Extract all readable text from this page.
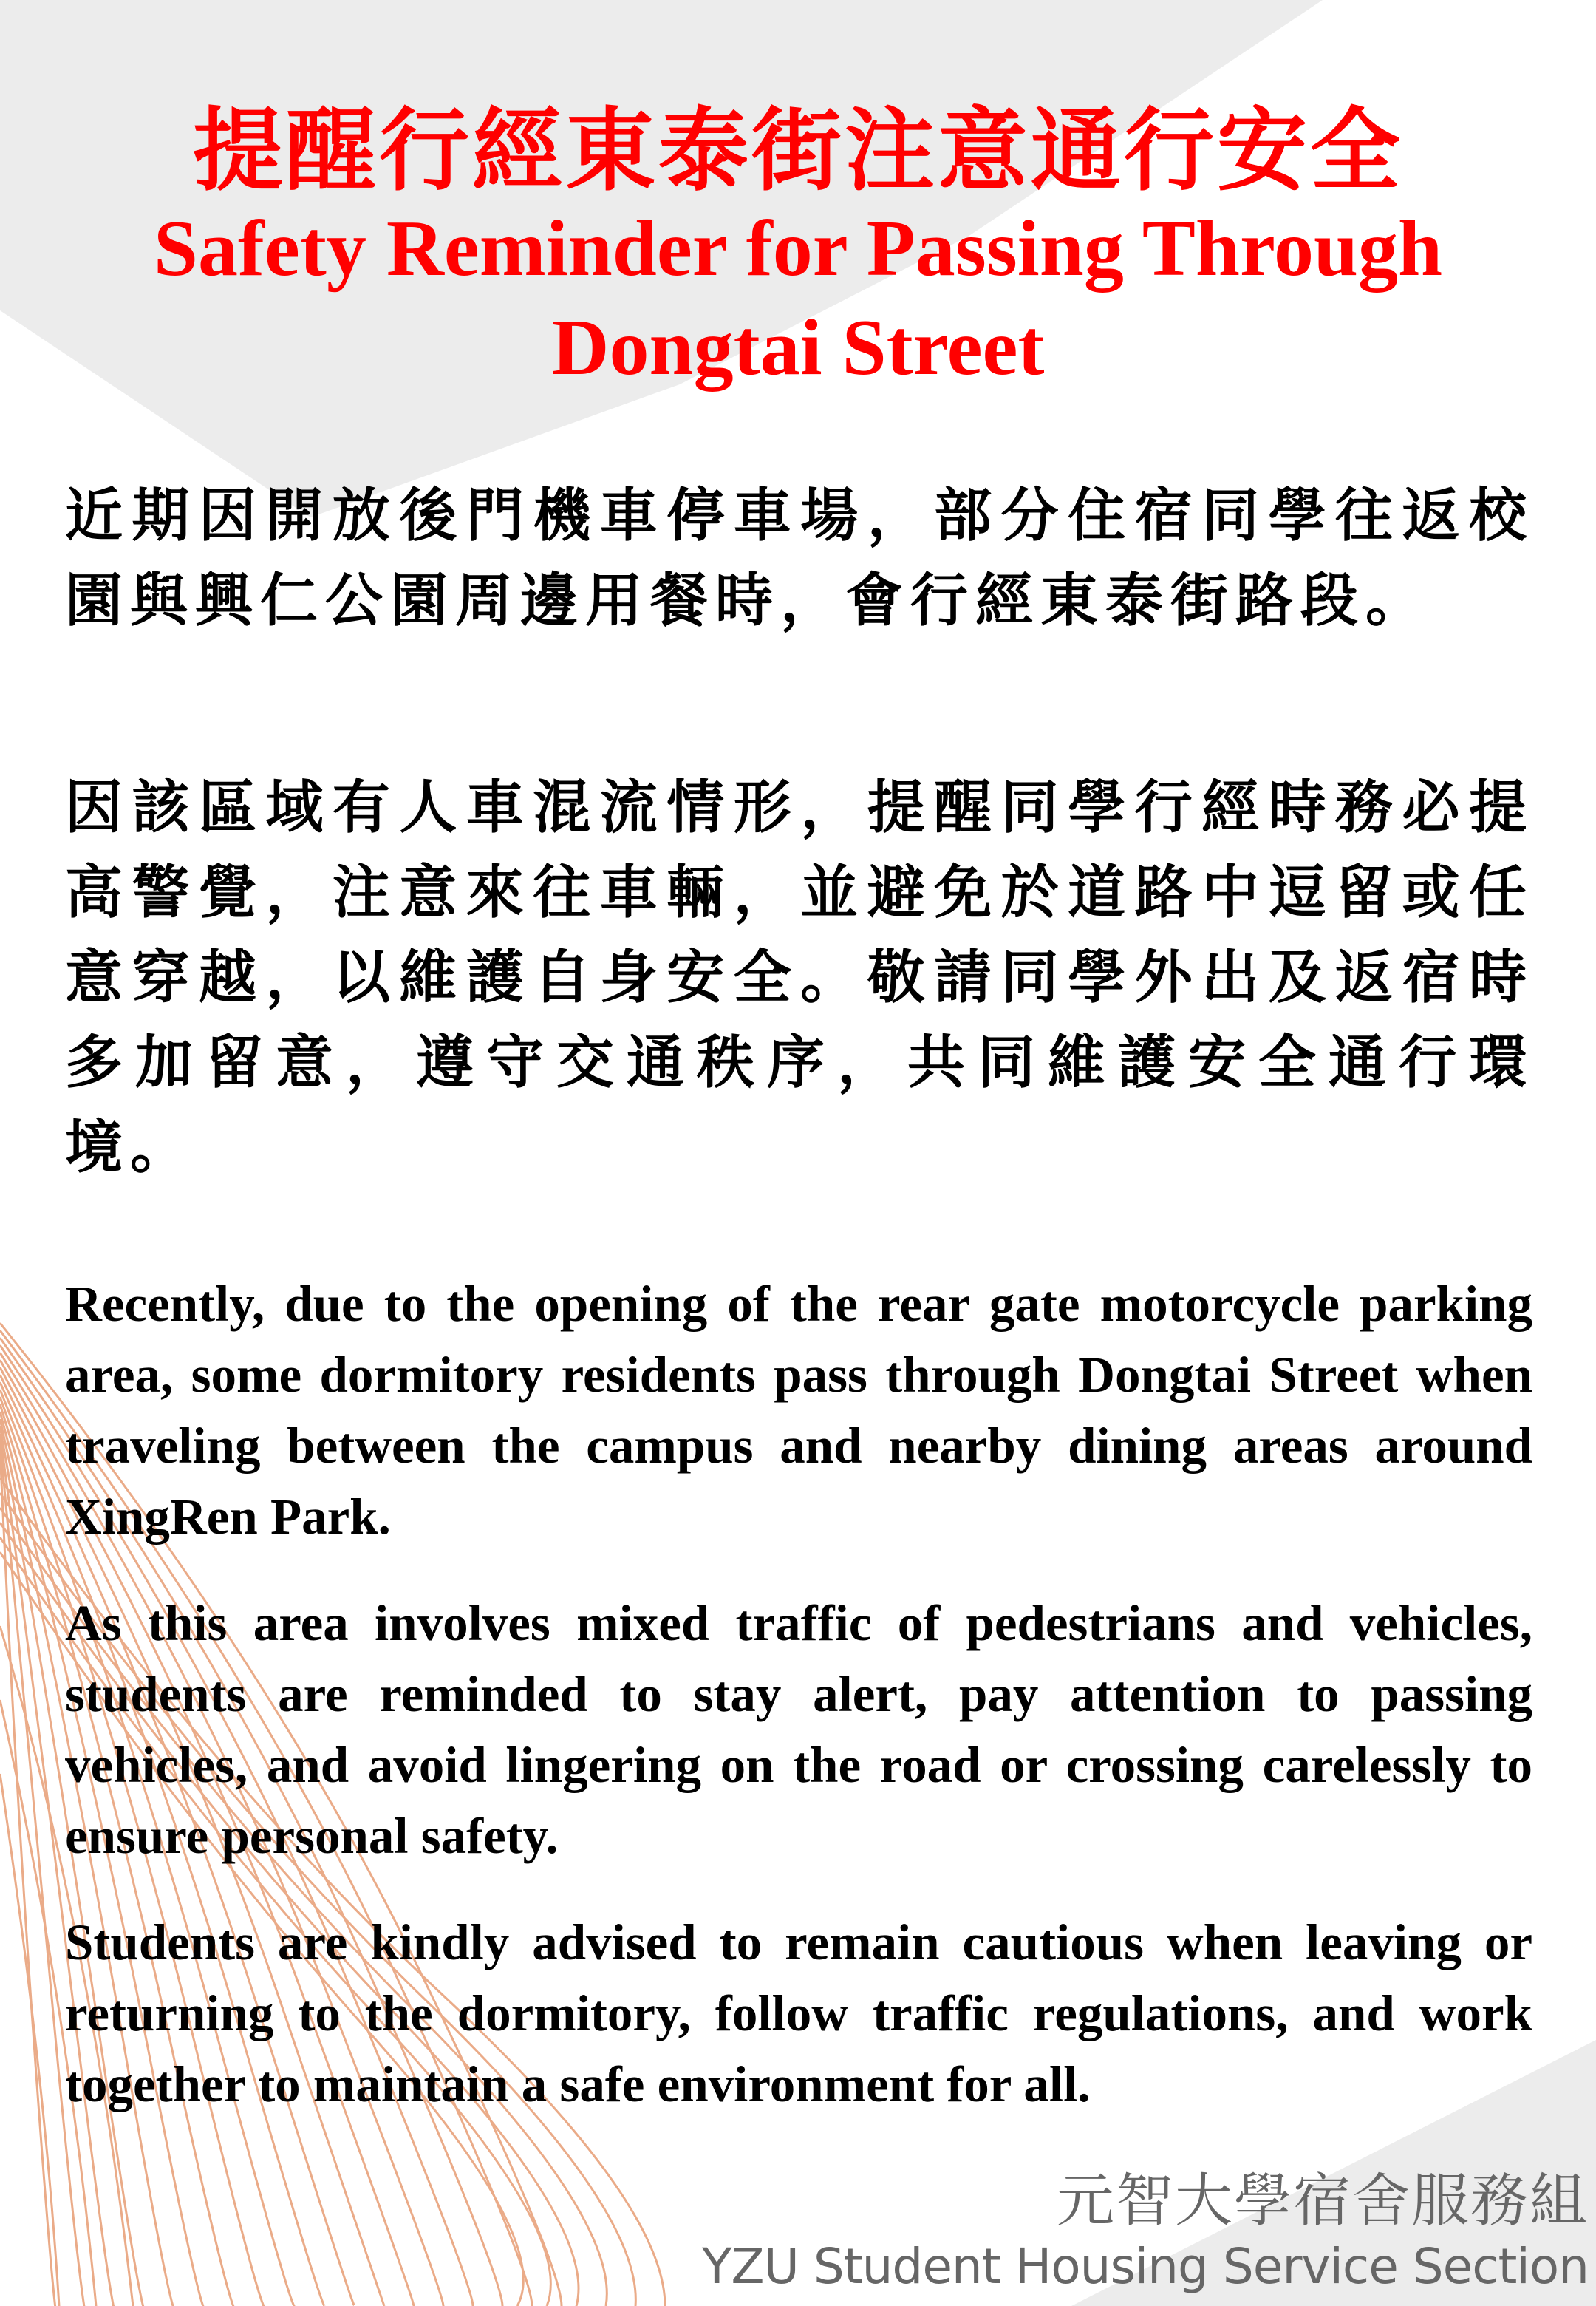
提醒行經東泰街注意通行安全
Safety Reminder for Passing Through
Dongtai Street

近期因開放後門機車停車場，部分住宿同學往返校園與興仁公園周邊用餐時，會行經東泰街路段。

因該區域有人車混流情形，提醒同學行經時務必提高警覺，注意來往車輛，並避免於道路中逗留或任意穿越，以維護自身安全。敬請同學外出及返宿時多加留意，遵守交通秩序，共同維護安全通行環境。

Recently, due to the opening of the rear gate motorcycle parking area, some dormitory residents pass through Dongtai Street when traveling between the campus and nearby dining areas around XingRen Park.

As this area involves mixed traffic of pedestrians and vehicles, students are reminded to stay alert, pay attention to passing vehicles, and avoid lingering on the road or crossing carelessly to ensure personal safety.

Students are kindly advised to remain cautious when leaving or returning to the dormitory, follow traffic regulations, and work together to maintain a safe environment for all.

元智大學宿舍服務組
YZU Student Housing Service Section
